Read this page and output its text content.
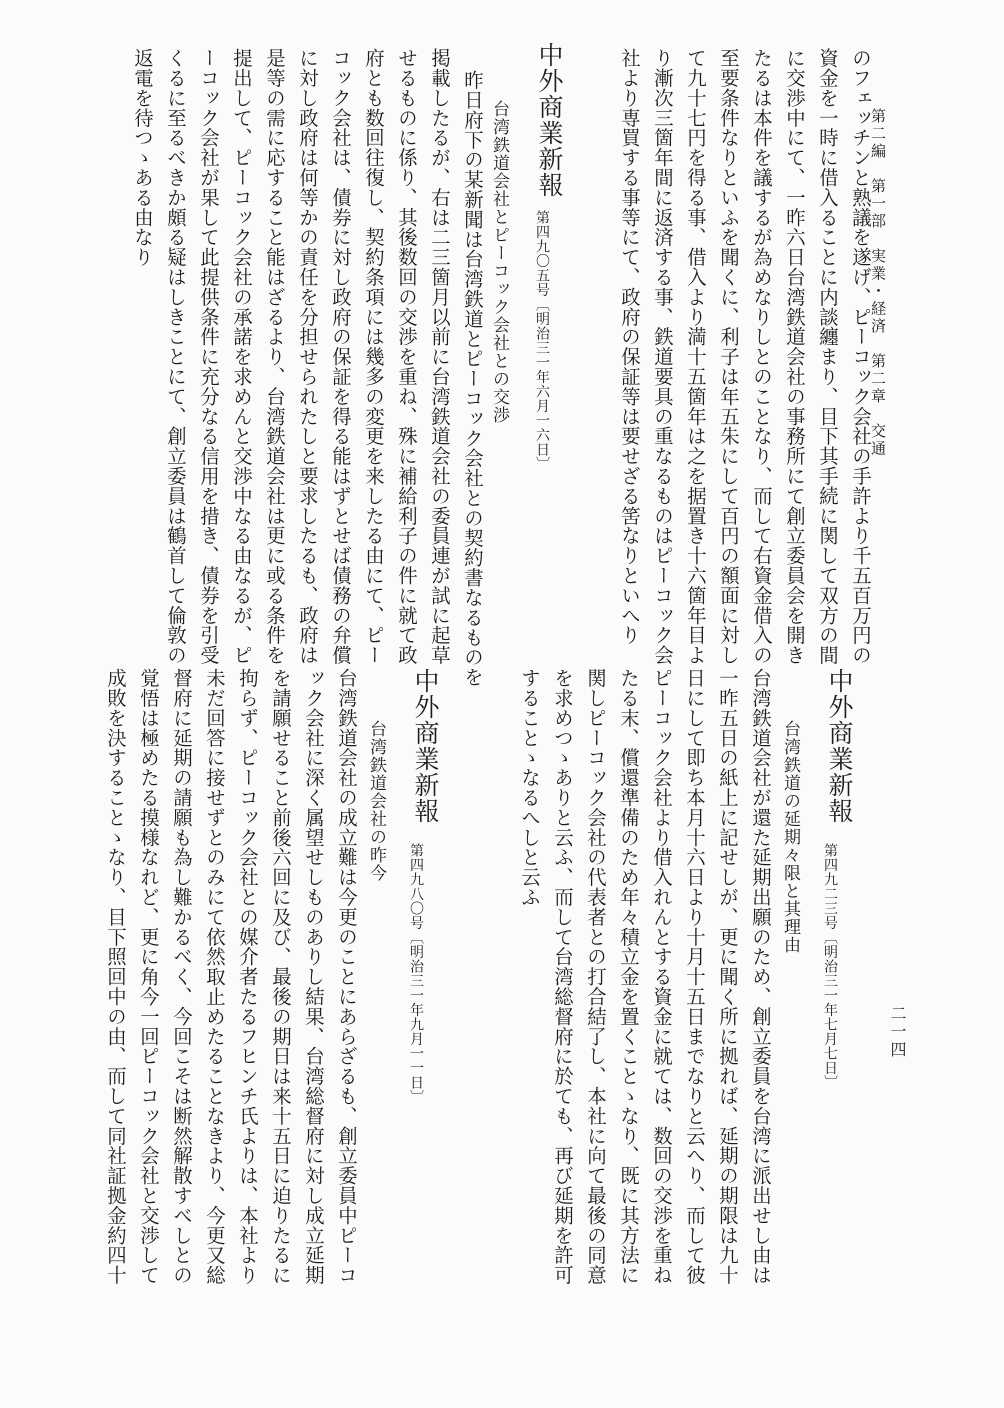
第二編　第一部　実業・経済　第二章　交通
二一四
のフェッチンと熟議を遂げ、ピーコック会社の手許より千五百万円の
資金を一時に借入ることに内談纏まり、目下其手続に関して双方の間
に交渉中にて、一昨六日台湾鉄道会社の事務所にて創立委員会を開き
たるは本件を議するが為めなりしとのことなり、而して右資金借入の
至要条件なりといふを聞くに、利子は年五朱にして百円の額面に対し
て九十七円を得る事、借入より満十五箇年は之を据置き十六箇年目よ
り漸次三箇年間に返済する事、鉄道要具の重なるものはピーコック会
社より専買する事等にて、政府の保証等は要せざる筈なりといへり
中外商業新報
第四九〇五号〔明治三一年六月一六日〕
台湾鉄道会社とピーコック会社との交渉
昨日府下の某新聞は台湾鉄道とピーコック会社との契約書なるものを
掲載したるが、右は二三箇月以前に台湾鉄道会社の委員連が試に起草
せるものに係り、其後数回の交渉を重ね、殊に補給利子の件に就て政
府とも数回往復し、契約条項には幾多の変更を来したる由にて、ピー
コック会社は、債券に対し政府の保証を得る能はずとせば債務の弁償
に対し政府は何等かの責任を分担せられたしと要求したるも、政府は
是等の需に応すること能はざるより、台湾鉄道会社は更に或る条件を
提出して、ピーコック会社の承諾を求めんと交渉中なる由なるが、ピ
ーコック会社が果して此提供条件に充分なる信用を措き、債券を引受
くるに至るべきか頗る疑はしきことにて、創立委員は鶴首して倫敦の
返電を待つゝある由なり
中外商業新報
第四九二三号〔明治三一年七月七日〕
台湾鉄道の延期々限と其理由
台湾鉄道会社が還た延期出願のため、創立委員を台湾に派出せし由は
一昨五日の紙上に記せしが、更に聞く所に拠れば、延期の期限は九十
日にして即ち本月十六日より十月十五日までなりと云へり、而して彼
ピーコック会社より借入れんとする資金に就ては、数回の交渉を重ね
たる末、償還準備のため年々積立金を置くことゝなり、既に其方法に
関しピーコック会社の代表者との打合結了し、本社に向て最後の同意
を求めつゝありと云ふ、而して台湾総督府に於ても、再び延期を許可
することゝなるへしと云ふ
中外商業新報
第四九八〇号〔明治三一年九月一一日〕
台湾鉄道会社の昨今
台湾鉄道会社の成立難は今更のことにあらざるも、創立委員中ピーコ
ック会社に深く属望せしものありし結果、台湾総督府に対し成立延期
を請願せること前後六回に及び、最後の期日は来十五日に迫りたるに
拘らず、ピーコック会社との媒介者たるフヒンチ氏よりは、本社より
未だ回答に接せずとのみにて依然取止めたることなきより、今更又総
督府に延期の請願も為し難かるべく、今回こそは断然解散すべしとの
覚悟は極めたる摸様なれど、更に角今一回ピーコック会社と交渉して
成敗を決することゝなり、目下照回中の由、而して同社証拠金約四十
